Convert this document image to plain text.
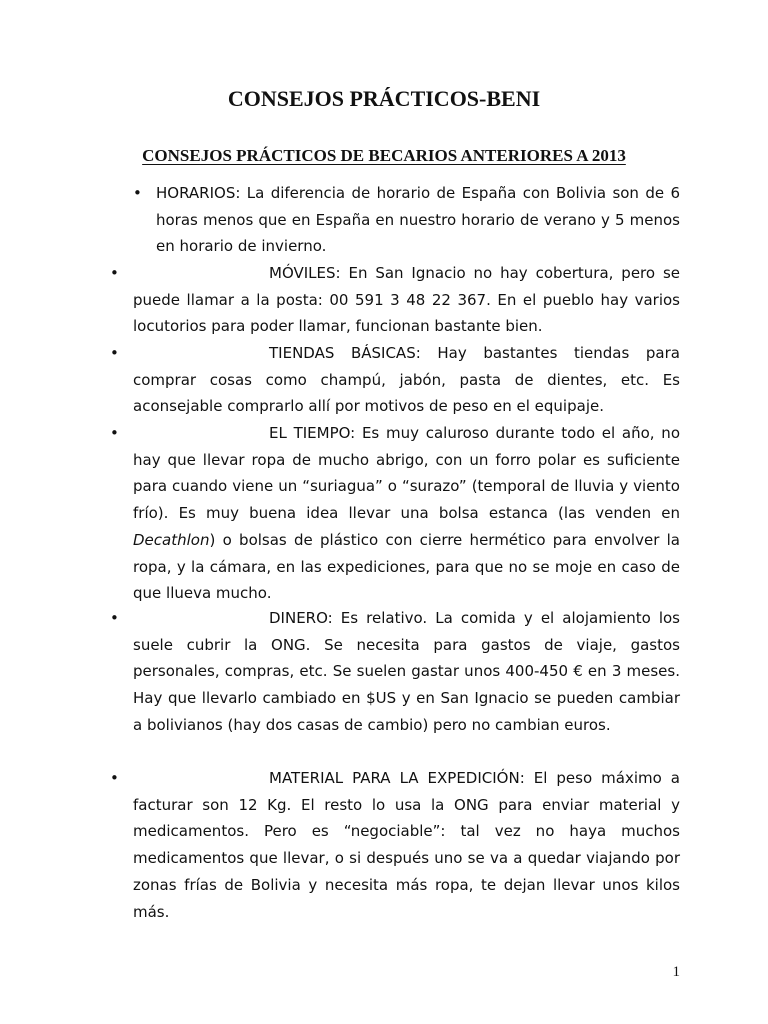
CONSEJOS PRÁCTICOS-BENI
CONSEJOS PRÁCTICOS DE BECARIOS ANTERIORES A 2013
• HORARIOS: La diferencia de horario de España con Bolivia son de 6 horas menos que en España en nuestro horario de verano y 5 menos en horario de invierno.

•	MÓVILES: En San Ignacio no hay cobertura, pero se puede llamar a la posta: 00 591 3 48 22 367. En el pueblo hay varios locutorios para poder llamar, funcionan bastante bien.

•	TIENDAS BÁSICAS: Hay bastantes tiendas para comprar cosas como champú, jabón, pasta de dientes, etc. Es aconsejable comprarlo allí por motivos de peso en el equipaje.

•	EL TIEMPO: Es muy caluroso durante todo el año, no hay que llevar ropa de mucho abrigo, con un forro polar es suficiente para cuando viene un “suriagua” o “surazo” (temporal de lluvia y viento frío). Es muy buena idea llevar una bolsa estanca (las venden en Decathlon) o bolsas de plástico con cierre hermético para envolver la ropa, y la cámara, en las expediciones, para que no se moje en caso de que llueva mucho.

•	DINERO: Es relativo. La comida y el alojamiento los suele cubrir la ONG. Se necesita para gastos de viaje, gastos personales, compras, etc. Se suelen gastar unos 400-450 € en 3 meses. Hay que llevarlo cambiado en $US y en San Ignacio se pueden cambiar a bolivianos (hay dos casas de cambio) pero no cambian euros.

•	MATERIAL PARA LA EXPEDICIÓN: El peso máximo a facturar son 12 Kg. El resto lo usa la ONG para enviar material y medicamentos. Pero es “negociable”: tal vez no haya muchos medicamentos que llevar, o si después uno se va a quedar viajando por zonas frías de Bolivia y necesita más ropa, te dejan llevar unos kilos más.

1
